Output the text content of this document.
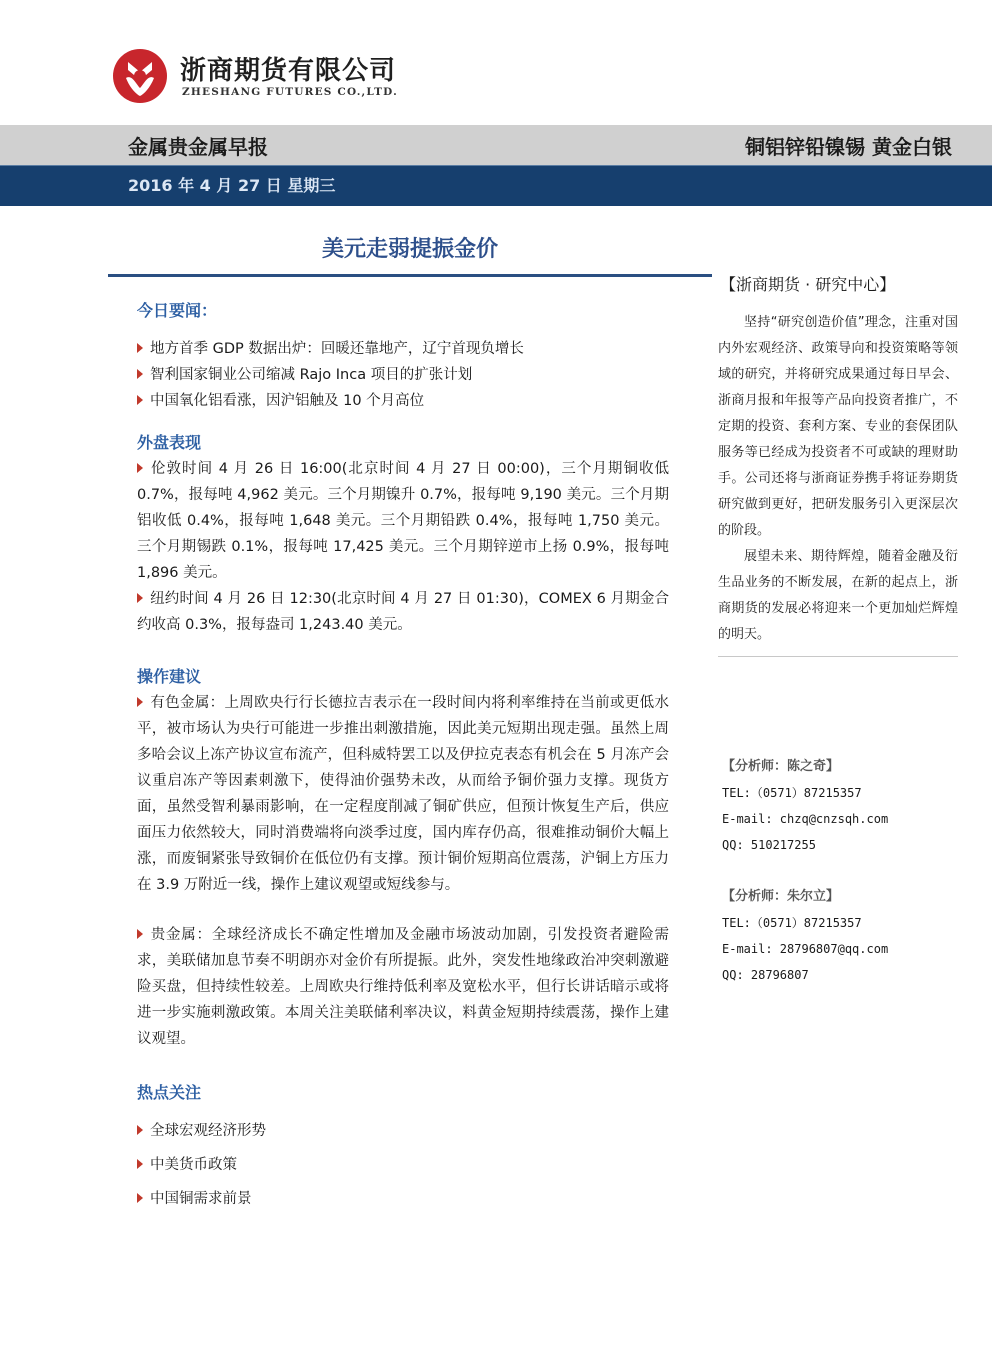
浙商期货有限公司
ZHESHANG FUTURES CO.,LTD.
金属贵金属早报	铜铝锌铅镍锡 黄金白银
2016 年 4 月 27 日 星期三
美元走弱提振金价
今日要闻：

地方首季 GDP 数据出炉：回暖还靠地产，辽宁首现负增长

智利国家铜业公司缩减 Rajo Inca 项目的扩张计划

中国氧化铝看涨，因沪铝触及 10 个月高位

外盘表现

伦敦时间 4 月 26 日 16:00(北京时间 4 月 27 日 00:00)，三个月期铜收低 0.7%，报每吨 4,962 美元。三个月期镍升 0.7%，报每吨 9,190 美元。三个月期铝收低 0.4%，报每吨 1,648 美元。三个月期铅跌 0.4%，报每吨 1,750 美元。三个月期锡跌 0.1%，报每吨 17,425 美元。三个月期锌逆市上扬 0.9%，报每吨 1,896 美元。

纽约时间 4 月 26 日 12:30(北京时间 4 月 27 日 01:30)，COMEX 6 月期金合约收高 0.3%，报每盎司 1,243.40 美元。

操作建议

有色金属：上周欧央行行长德拉吉表示在一段时间内将利率维持在当前或更低水平，被市场认为央行可能进一步推出刺激措施，因此美元短期出现走强。虽然上周多哈会议上冻产协议宣布流产，但科威特罢工以及伊拉克表态有机会在 5 月冻产会议重启冻产等因素刺激下，使得油价强势未改，从而给予铜价强力支撑。现货方面，虽然受智利暴雨影响，在一定程度削减了铜矿供应，但预计恢复生产后，供应面压力依然较大，同时消费端将向淡季过度，国内库存仍高，很难推动铜价大幅上涨，而废铜紧张导致铜价在低位仍有支撑。预计铜价短期高位震荡，沪铜上方压力在 3.9 万附近一线，操作上建议观望或短线参与。

贵金属：全球经济成长不确定性增加及金融市场波动加剧，引发投资者避险需求，美联储加息节奏不明朗亦对金价有所提振。此外，突发性地缘政治冲突刺激避险买盘，但持续性较差。上周欧央行维持低利率及宽松水平，但行长讲话暗示或将进一步实施刺激政策。本周关注美联储利率决议，料黄金短期持续震荡，操作上建议观望。

热点关注

全球宏观经济形势

中美货币政策

中国铜需求前景

【浙商期货 · 研究中心】

坚持“研究创造价值”理念，注重对国内外宏观经济、政策导向和投资策略等领域的研究，并将研究成果通过每日早会、浙商月报和年报等产品向投资者推广，不定期的投资、套利方案、专业的套保团队服务等已经成为投资者不可或缺的理财助手。公司还将与浙商证券携手将证券期货研究做到更好，把研发服务引入更深层次的阶段。

展望未来、期待辉煌，随着金融及衍生品业务的不断发展，在新的起点上，浙商期货的发展必将迎来一个更加灿烂辉煌的明天。

【分析师：陈之奇】
TEL:（0571）87215357
E-mail: chzq@cnzsqh.com
QQ: 510217255
【分析师：朱尔立】
TEL:（0571）87215357
E-mail: 28796807@qq.com
QQ: 28796807
